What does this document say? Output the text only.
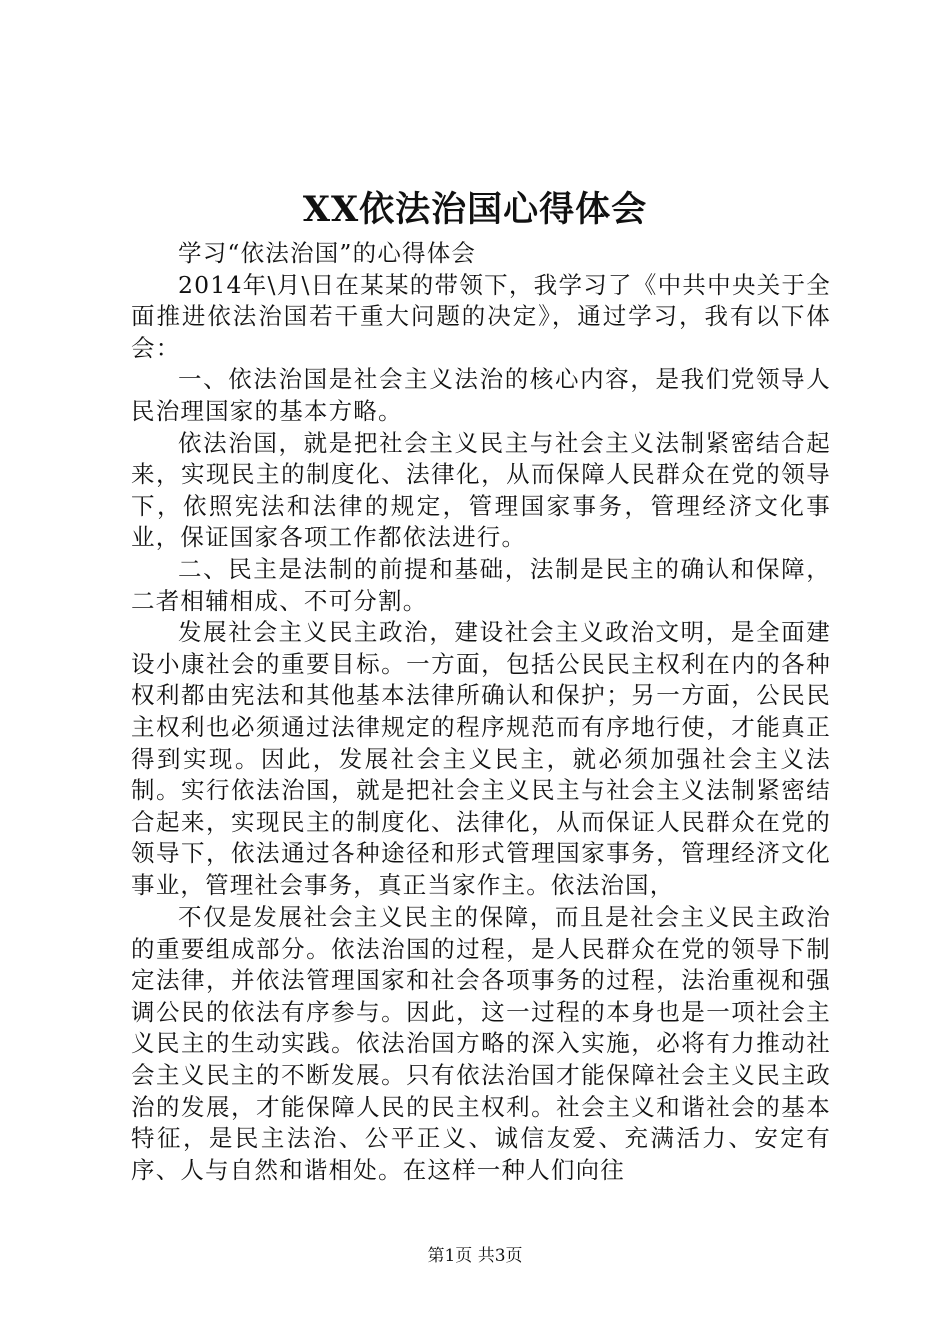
XX依法治国心得体会

学习“依法治国”的心得体会

2014年\月\日在某某的带领下，我学习了《中共中央关于全面推进依法治国若干重大问题的决定》，通过学习，我有以下体会：

一、依法治国是社会主义法治的核心内容，是我们党领导人民治理国家的基本方略。

依法治国，就是把社会主义民主与社会主义法制紧密结合起来，实现民主的制度化、法律化，从而保障人民群众在党的领导下，依照宪法和法律的规定，管理国家事务，管理经济文化事业，保证国家各项工作都依法进行。

二、民主是法制的前提和基础，法制是民主的确认和保障，二者相辅相成、不可分割。

发展社会主义民主政治，建设社会主义政治文明，是全面建设小康社会的重要目标。一方面，包括公民民主权利在内的各种权利都由宪法和其他基本法律所确认和保护；另一方面，公民民主权利也必须通过法律规定的程序规范而有序地行使，才能真正得到实现。因此，发展社会主义民主，就必须加强社会主义法制。实行依法治国，就是把社会主义民主与社会主义法制紧密结合起来，实现民主的制度化、法律化，从而保证人民群众在党的领导下，依法通过各种途径和形式管理国家事务，管理经济文化事业，管理社会事务，真正当家作主。依法治国，

不仅是发展社会主义民主的保障，而且是社会主义民主政治的重要组成部分。依法治国的过程，是人民群众在党的领导下制定法律，并依法管理国家和社会各项事务的过程，法治重视和强调公民的依法有序参与。因此，这一过程的本身也是一项社会主义民主的生动实践。依法治国方略的深入实施，必将有力推动社会主义民主的不断发展。只有依法治国才能保障社会主义民主政治的发展，才能保障人民的民主权利。社会主义和谐社会的基本特征，是民主法治、公平正义、诚信友爱、充满活力、安定有序、人与自然和谐相处。在这样一种人们向往

第1页 共3页
